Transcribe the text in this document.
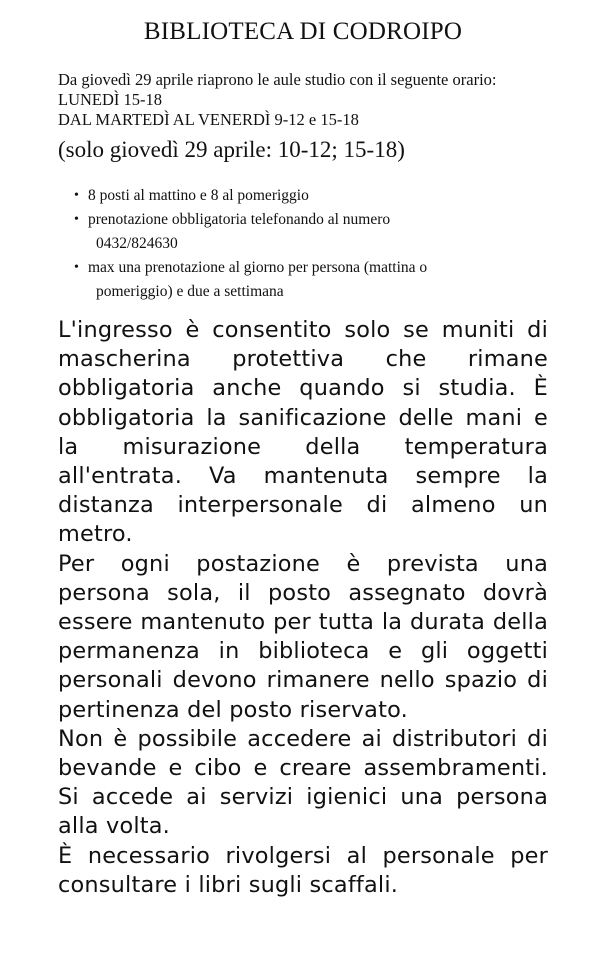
BIBLIOTECA DI CODROIPO
Da giovedì 29 aprile riaprono le aule studio con il seguente orario:
LUNEDÌ 15-18
DAL MARTEDÌ AL VENERDÌ 9-12 e 15-18
(solo giovedì 29 aprile: 10-12; 15-18)
• 8 posti al mattino e 8 al pomeriggio
• prenotazione obbligatoria telefonando al numero
0432/824630
• max una prenotazione al giorno per persona (mattina o
pomeriggio) e due a settimana

L'ingresso è consentito solo se muniti di mascherina protettiva che rimane obbligatoria anche quando si studia. È obbligatoria la sanificazione delle mani e la misurazione della temperatura all'entrata. Va mantenuta sempre la distanza interpersonale di almeno un metro.

Per ogni postazione è prevista una persona sola, il posto assegnato dovrà essere mantenuto per tutta la durata della permanenza in biblioteca e gli oggetti personali devono rimanere nello spazio di pertinenza del posto riservato.

Non è possibile accedere ai distributori di bevande e cibo e creare assembramenti. Si accede ai servizi igienici una persona alla volta.

È necessario rivolgersi al personale per consultare i libri sugli scaffali.
